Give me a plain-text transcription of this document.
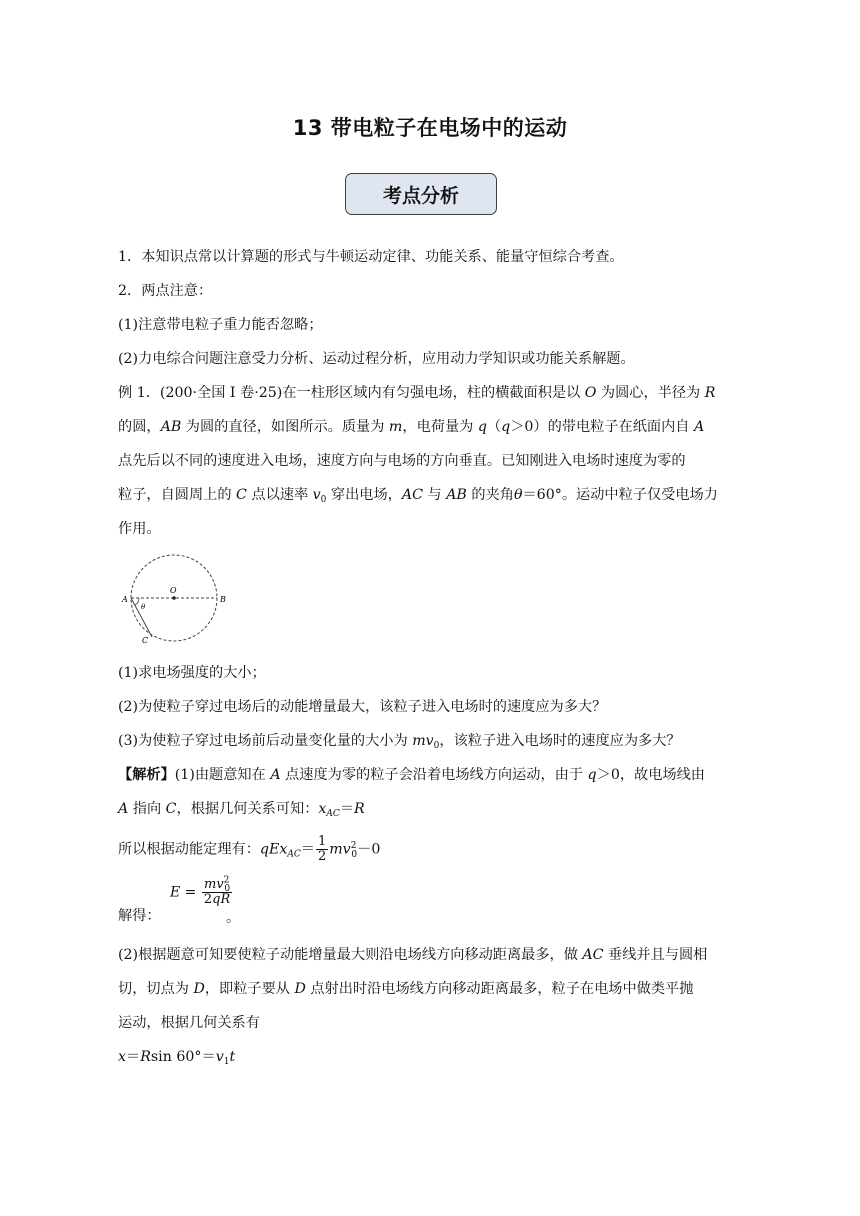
13 带电粒子在电场中的运动
考点分析
1．本知识点常以计算题的形式与牛顿运动定律、功能关系、能量守恒综合考查。
2．两点注意：
(1)注意带电粒子重力能否忽略；
(2)力电综合问题注意受力分析、运动过程分析，应用动力学知识或功能关系解题。
例 1．(200·全国 I 卷·25)在一柱形区域内有匀强电场，柱的横截面积是以 O 为圆心，半径为 R
的圆，AB 为圆的直径，如图所示。质量为 m，电荷量为 q（q＞0）的带电粒子在纸面内自 A
点先后以不同的速度进入电场，速度方向与电场的方向垂直。已知刚进入电场时速度为零的
粒子，自圆周上的 C 点以速率 $v_0$ 穿出电场，AC 与 AB 的夹角θ＝60°。运动中粒子仅受电场力
作用。
A
O
B
C
θ
(1)求电场强度的大小；
(2)为使粒子穿过电场后的动能增量最大，该粒子进入电场时的速度应为多大？
(3)为使粒子穿过电场前后动量变化量的大小为 $mv_0$，该粒子进入电场时的速度应为多大？
【解析】(1)由题意知在 A 点速度为零的粒子会沿着电场线方向运动，由于 q＞0，故电场线由
A 指向 C，根据几何关系可知：$x_{AC}=R$
所以根据动能定理有：$qEx_{AC}= \frac{1}{2} mv^2_0-0$
解得：
$E = \frac{mv^2_0}{2qR}$
。
(2)根据题意可知要使粒子动能增量最大则沿电场线方向移动距离最多，做 AC 垂线并且与圆相
切，切点为 D，即粒子要从 D 点射出时沿电场线方向移动距离最多，粒子在电场中做类平抛
运动，根据几何关系有
x＝Rsin $60^\circ=v_1t$
